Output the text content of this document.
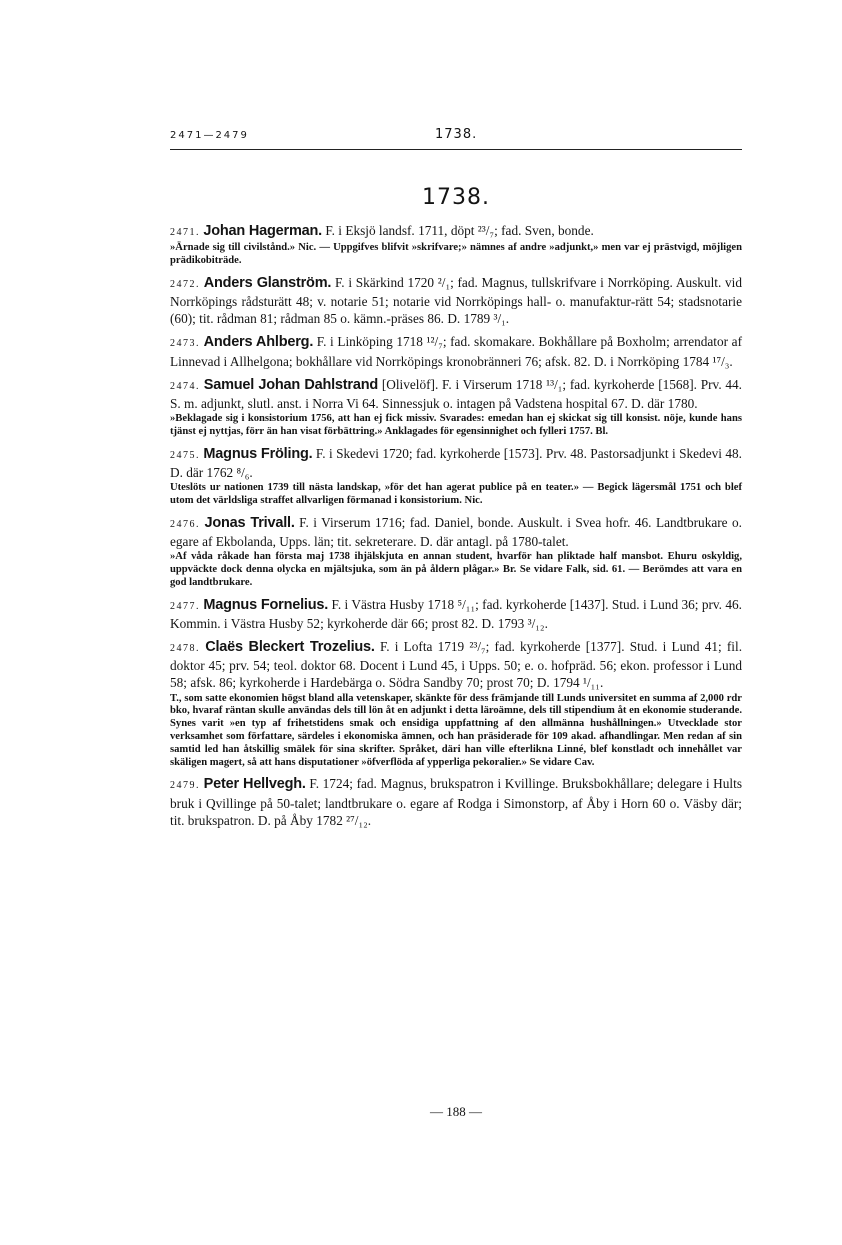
2471—2479	1738.
1738.

2471. Johan Hagerman. F. i Eksjö landsf. 1711, döpt ²³/₇; fad. Sven, bonde.

»Ärnade sig till civilstånd.» Nic. — Uppgifves blifvit »skrifvare;» nämnes af andre »adjunkt,» men var ej prästvigd, möjligen prädikobiträde.

2472. Anders Glanström. F. i Skärkind 1720 ²/₁; fad. Magnus, tullskrifvare i Norrköping. Auskult. vid Norrköpings rådsturätt 48; v. notarie 51; notarie vid Norrköpings hall- o. manufaktur-rätt 54; stadsnotarie (60); tit. rådman 81; rådman 85 o. kämn.-präses 86. D. 1789 ³/₁.

2473. Anders Ahlberg. F. i Linköping 1718 ¹²/₇; fad. skomakare. Bokhållare på Boxholm; arrendator af Linnevad i Allhelgona; bokhållare vid Norrköpings kronobränneri 76; afsk. 82. D. i Norrköping 1784 ¹⁷/₃.

2474. Samuel Johan Dahlstrand [Olivelöf]. F. i Virserum 1718 ¹³/₁; fad. kyrkoherde [1568]. Prv. 44. S. m. adjunkt, slutl. anst. i Norra Vi 64. Sinnessjuk o. intagen på Vadstena hospital 67. D. där 1780.

»Beklagade sig i konsistorium 1756, att han ej fick missiv. Svarades: emedan han ej skickat sig till konsist. nöje, kunde hans tjänst ej nyttjas, förr än han visat förbättring.» Anklagades för egensinnighet och fylleri 1757. Bl.

2475. Magnus Fröling. F. i Skedevi 1720; fad. kyrkoherde [1573]. Prv. 48. Pastorsadjunkt i Skedevi 48. D. där 1762 ⁸/₆.

Uteslöts ur nationen 1739 till nästa landskap, »för det han agerat publice på en teater.» — Begick lägersmål 1751 och blef utom det världsliga straffet allvarligen förmanad i konsistorium. Nic.

2476. Jonas Trivall. F. i Virserum 1716; fad. Daniel, bonde. Auskult. i Svea hofr. 46. Landtbrukare o. egare af Ekbolanda, Upps. län; tit. sekreterare. D. där antagl. på 1780-talet.

»Af våda råkade han första maj 1738 ihjälskjuta en annan student, hvarför han pliktade half mansbot. Ehuru oskyldig, uppväckte dock denna olycka en mjältsjuka, som än på åldern plågar.» Br. Se vidare Falk, sid. 61. — Berömdes att vara en god landtbrukare.

2477. Magnus Fornelius. F. i Västra Husby 1718 ⁵/₁₁; fad. kyrkoherde [1437]. Stud. i Lund 36; prv. 46. Kommin. i Västra Husby 52; kyrkoherde där 66; prost 82. D. 1793 ³/₁₂.

2478. Claës Bleckert Trozelius. F. i Lofta 1719 ²³/₇; fad. kyrkoherde [1377]. Stud. i Lund 41; fil. doktor 45; prv. 54; teol. doktor 68. Docent i Lund 45, i Upps. 50; e. o. hofpräd. 56; ekon. professor i Lund 58; afsk. 86; kyrkoherde i Hardebärga o. Södra Sandby 70; prost 70; D. 1794 ¹/₁₁.

T., som satte ekonomien högst bland alla vetenskaper, skänkte för dess främjande till Lunds universitet en summa af 2,000 rdr bko, hvaraf räntan skulle användas dels till lön åt en adjunkt i detta läroämne, dels till stipendium åt en ekonomie studerande. Synes varit »en typ af frihetstidens smak och ensidiga uppfattning af den allmänna hushållningen.» Utvecklade stor verksamhet som författare, särdeles i ekonomiska ämnen, och han präsiderade för 109 akad. afhandlingar. Men redan af sin samtid led han åtskillig smälek för sina skrifter. Språket, däri han ville efterlikna Linné, blef konstladt och innehållet var skäligen magert, så att hans disputationer »öfverflöda af ypperliga pekoralier.» Se vidare Cav.

2479. Peter Hellvegh. F. 1724; fad. Magnus, brukspatron i Kvillinge. Bruksbokhållare; delegare i Hults bruk i Qvillinge på 50-talet; landtbrukare o. egare af Rodga i Simonstorp, af Åby i Horn 60 o. Väsby där; tit. brukspatron. D. på Åby 1782 ²⁷/₁₂.

— 188 —
